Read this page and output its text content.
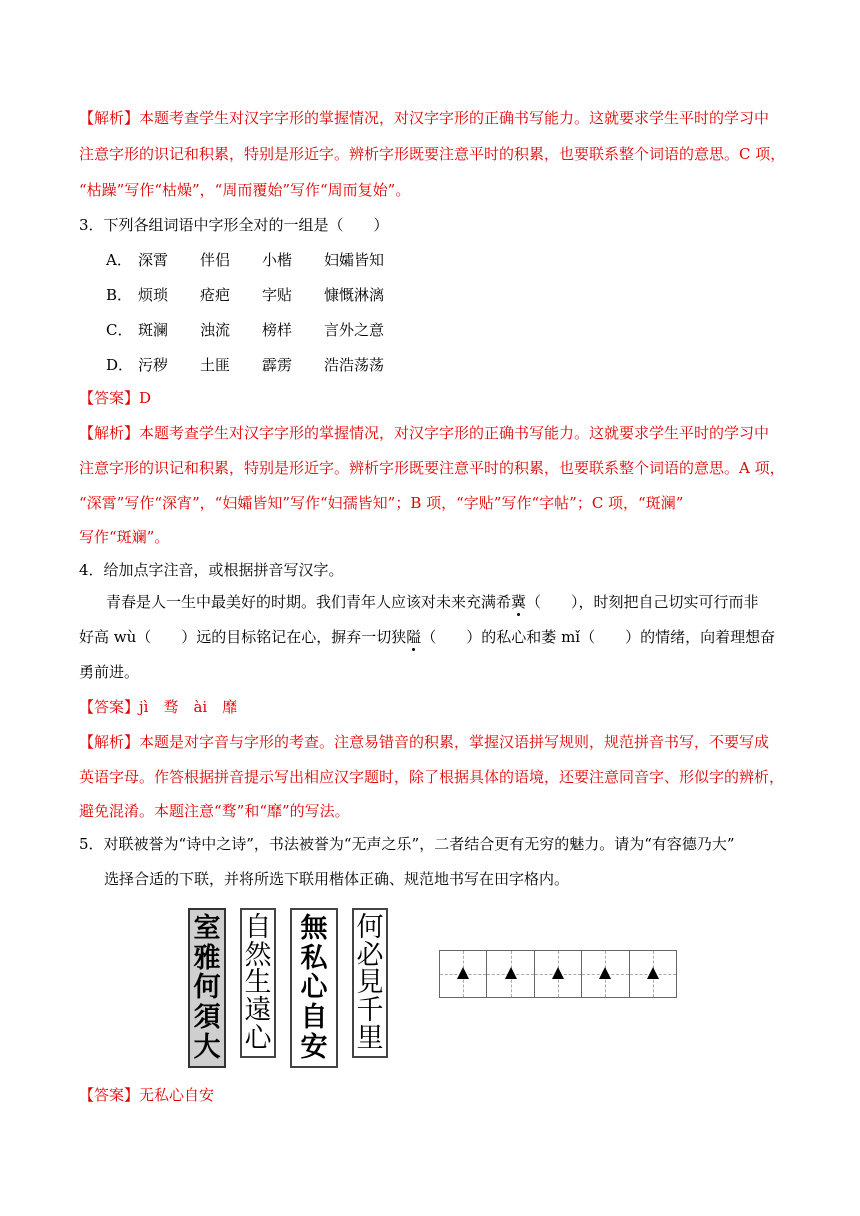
【解析】本题考查学生对汉字字形的掌握情况，对汉字字形的正确书写能力。这就要求学生平时的学习中
注意字形的识记和积累，特别是形近字。辨析字形既要注意平时的积累，也要联系整个词语的意思。C 项，
“枯躁”写作“枯燥”，“周而覆始”写作“周而复始”。
3．下列各组词语中字形全对的一组是（　　）
A． 深霄 伴侣 小楷 妇孀皆知
B． 烦琐 疮疤 字贴 慷慨淋漓
C． 斑澜 浊流 榜样 言外之意
D． 污秽 土匪 霹雳 浩浩荡荡
【答案】D
【解析】本题考查学生对汉字字形的掌握情况，对汉字字形的正确书写能力。这就要求学生平时的学习中
注意字形的识记和积累，特别是形近字。辨析字形既要注意平时的积累，也要联系整个词语的意思。A 项，
“深霄”写作“深宵”，“妇孀皆知”写作“妇孺皆知”；B 项，“字贴”写作“字帖”；C 项，“斑澜”
写作“斑斓”。
4．给加点字注音，或根据拼音写汉字。
青春是人一生中最美好的时期。我们青年人应该对未来充满希冀（　　），时刻把自己切实可行而非
好高 wù（　　）远的目标铭记在心，摒弃一切狭隘（　　）的私心和萎 mǐ（　　）的情绪，向着理想奋
勇前进。
【答案】jì　骛　ài　靡
【解析】本题是对字音与字形的考查。注意易错音的积累，掌握汉语拼写规则，规范拼音书写，不要写成
英语字母。作答根据拼音提示写出相应汉字题时，除了根据具体的语境，还要注意同音字、形似字的辨析，
避免混淆。本题注意“骛”和“靡”的写法。
5．对联被誉为“诗中之诗”，书法被誉为“无声之乐”，二者结合更有无穷的魅力。请为“有容德乃大”
选择合适的下联，并将所选下联用楷体正确、规范地书写在田字格内。
室
雅
何
須
大
自
然
生
遠
心
無
私
心
自
安
何
必
見
千
里
【答案】无私心自安
